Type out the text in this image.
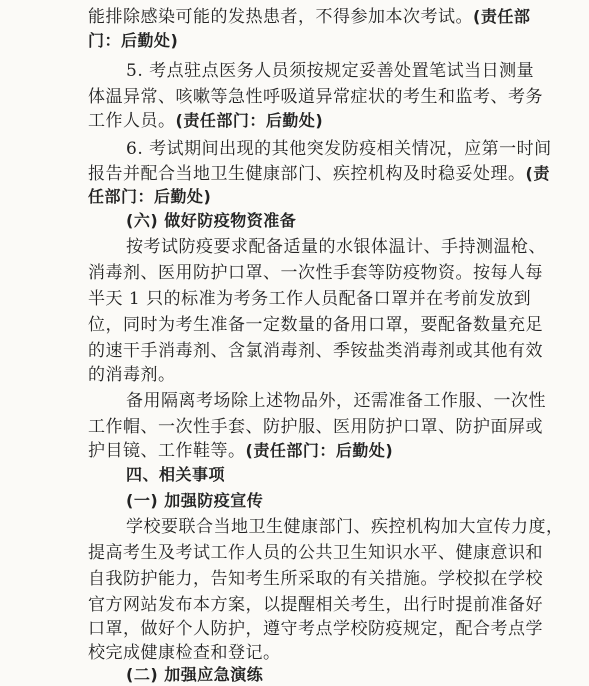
能排除感染可能的发热患者，不得参加本次考试。(责任部
门：后勤处)
5. 考点驻点医务人员须按规定妥善处置笔试当日测量
体温异常、咳嗽等急性呼吸道异常症状的考生和监考、考务
工作人员。(责任部门：后勤处)
6. 考试期间出现的其他突发防疫相关情况，应第一时间
报告并配合当地卫生健康部门、疾控机构及时稳妥处理。(责
任部门：后勤处)
(六) 做好防疫物资准备
按考试防疫要求配备适量的水银体温计、手持测温枪、
消毒剂、医用防护口罩、一次性手套等防疫物资。按每人每
半天 1 只的标准为考务工作人员配备口罩并在考前发放到
位，同时为考生准备一定数量的备用口罩，要配备数量充足
的速干手消毒剂、含氯消毒剂、季铵盐类消毒剂或其他有效
的消毒剂。
备用隔离考场除上述物品外，还需准备工作服、一次性
工作帽、一次性手套、防护服、医用防护口罩、防护面屏或
护目镜、工作鞋等。(责任部门：后勤处)
四、相关事项
(一) 加强防疫宣传
学校要联合当地卫生健康部门、疾控机构加大宣传力度，
提高考生及考试工作人员的公共卫生知识水平、健康意识和
自我防护能力，告知考生所采取的有关措施。学校拟在学校
官方网站发布本方案，以提醒相关考生，出行时提前准备好
口罩，做好个人防护，遵守考点学校防疫规定，配合考点学
校完成健康检查和登记。
(二) 加强应急演练
